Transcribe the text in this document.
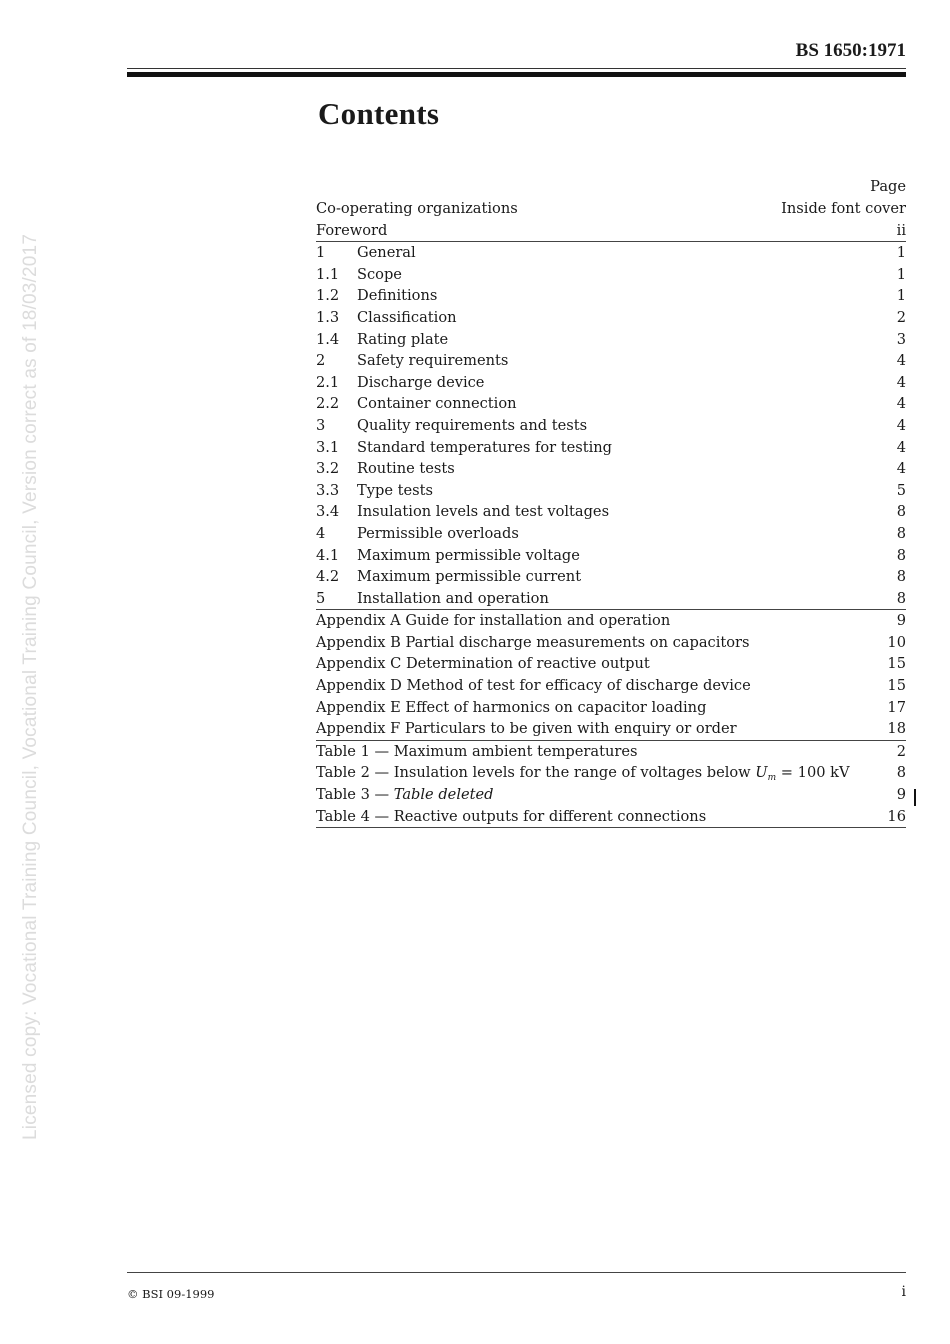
Licensed copy: Vocational Training Council, Vocational Training Council, Version correct as of 18/03/2017
BS 1650:1971
Contents
Page
Co-operating organizations	Inside font cover
Foreword	ii
1	General	1
1.1	Scope	1
1.2	Definitions	1
1.3	Classification	2
1.4	Rating plate	3
2	Safety requirements	4
2.1	Discharge device	4
2.2	Container connection	4
3	Quality requirements and tests	4
3.1	Standard temperatures for testing	4
3.2	Routine tests	4
3.3	Type tests	5
3.4	Insulation levels and test voltages	8
4	Permissible overloads	8
4.1	Maximum permissible voltage	8
4.2	Maximum permissible current	8
5	Installation and operation	8
Appendix A Guide for installation and operation	9
Appendix B Partial discharge measurements on capacitors	10
Appendix C Determination of reactive output	15
Appendix D Method of test for efficacy of discharge device	15
Appendix E Effect of harmonics on capacitor loading	17
Appendix F Particulars to be given with enquiry or order	18
Table 1 — Maximum ambient temperatures	2
Table 2 — Insulation levels for the range of voltages below $U_m = 100$ kV	8
Table 3 — Table deleted	9
Table 4 — Reactive outputs for different connections	16
© BSI 09-1999	i
